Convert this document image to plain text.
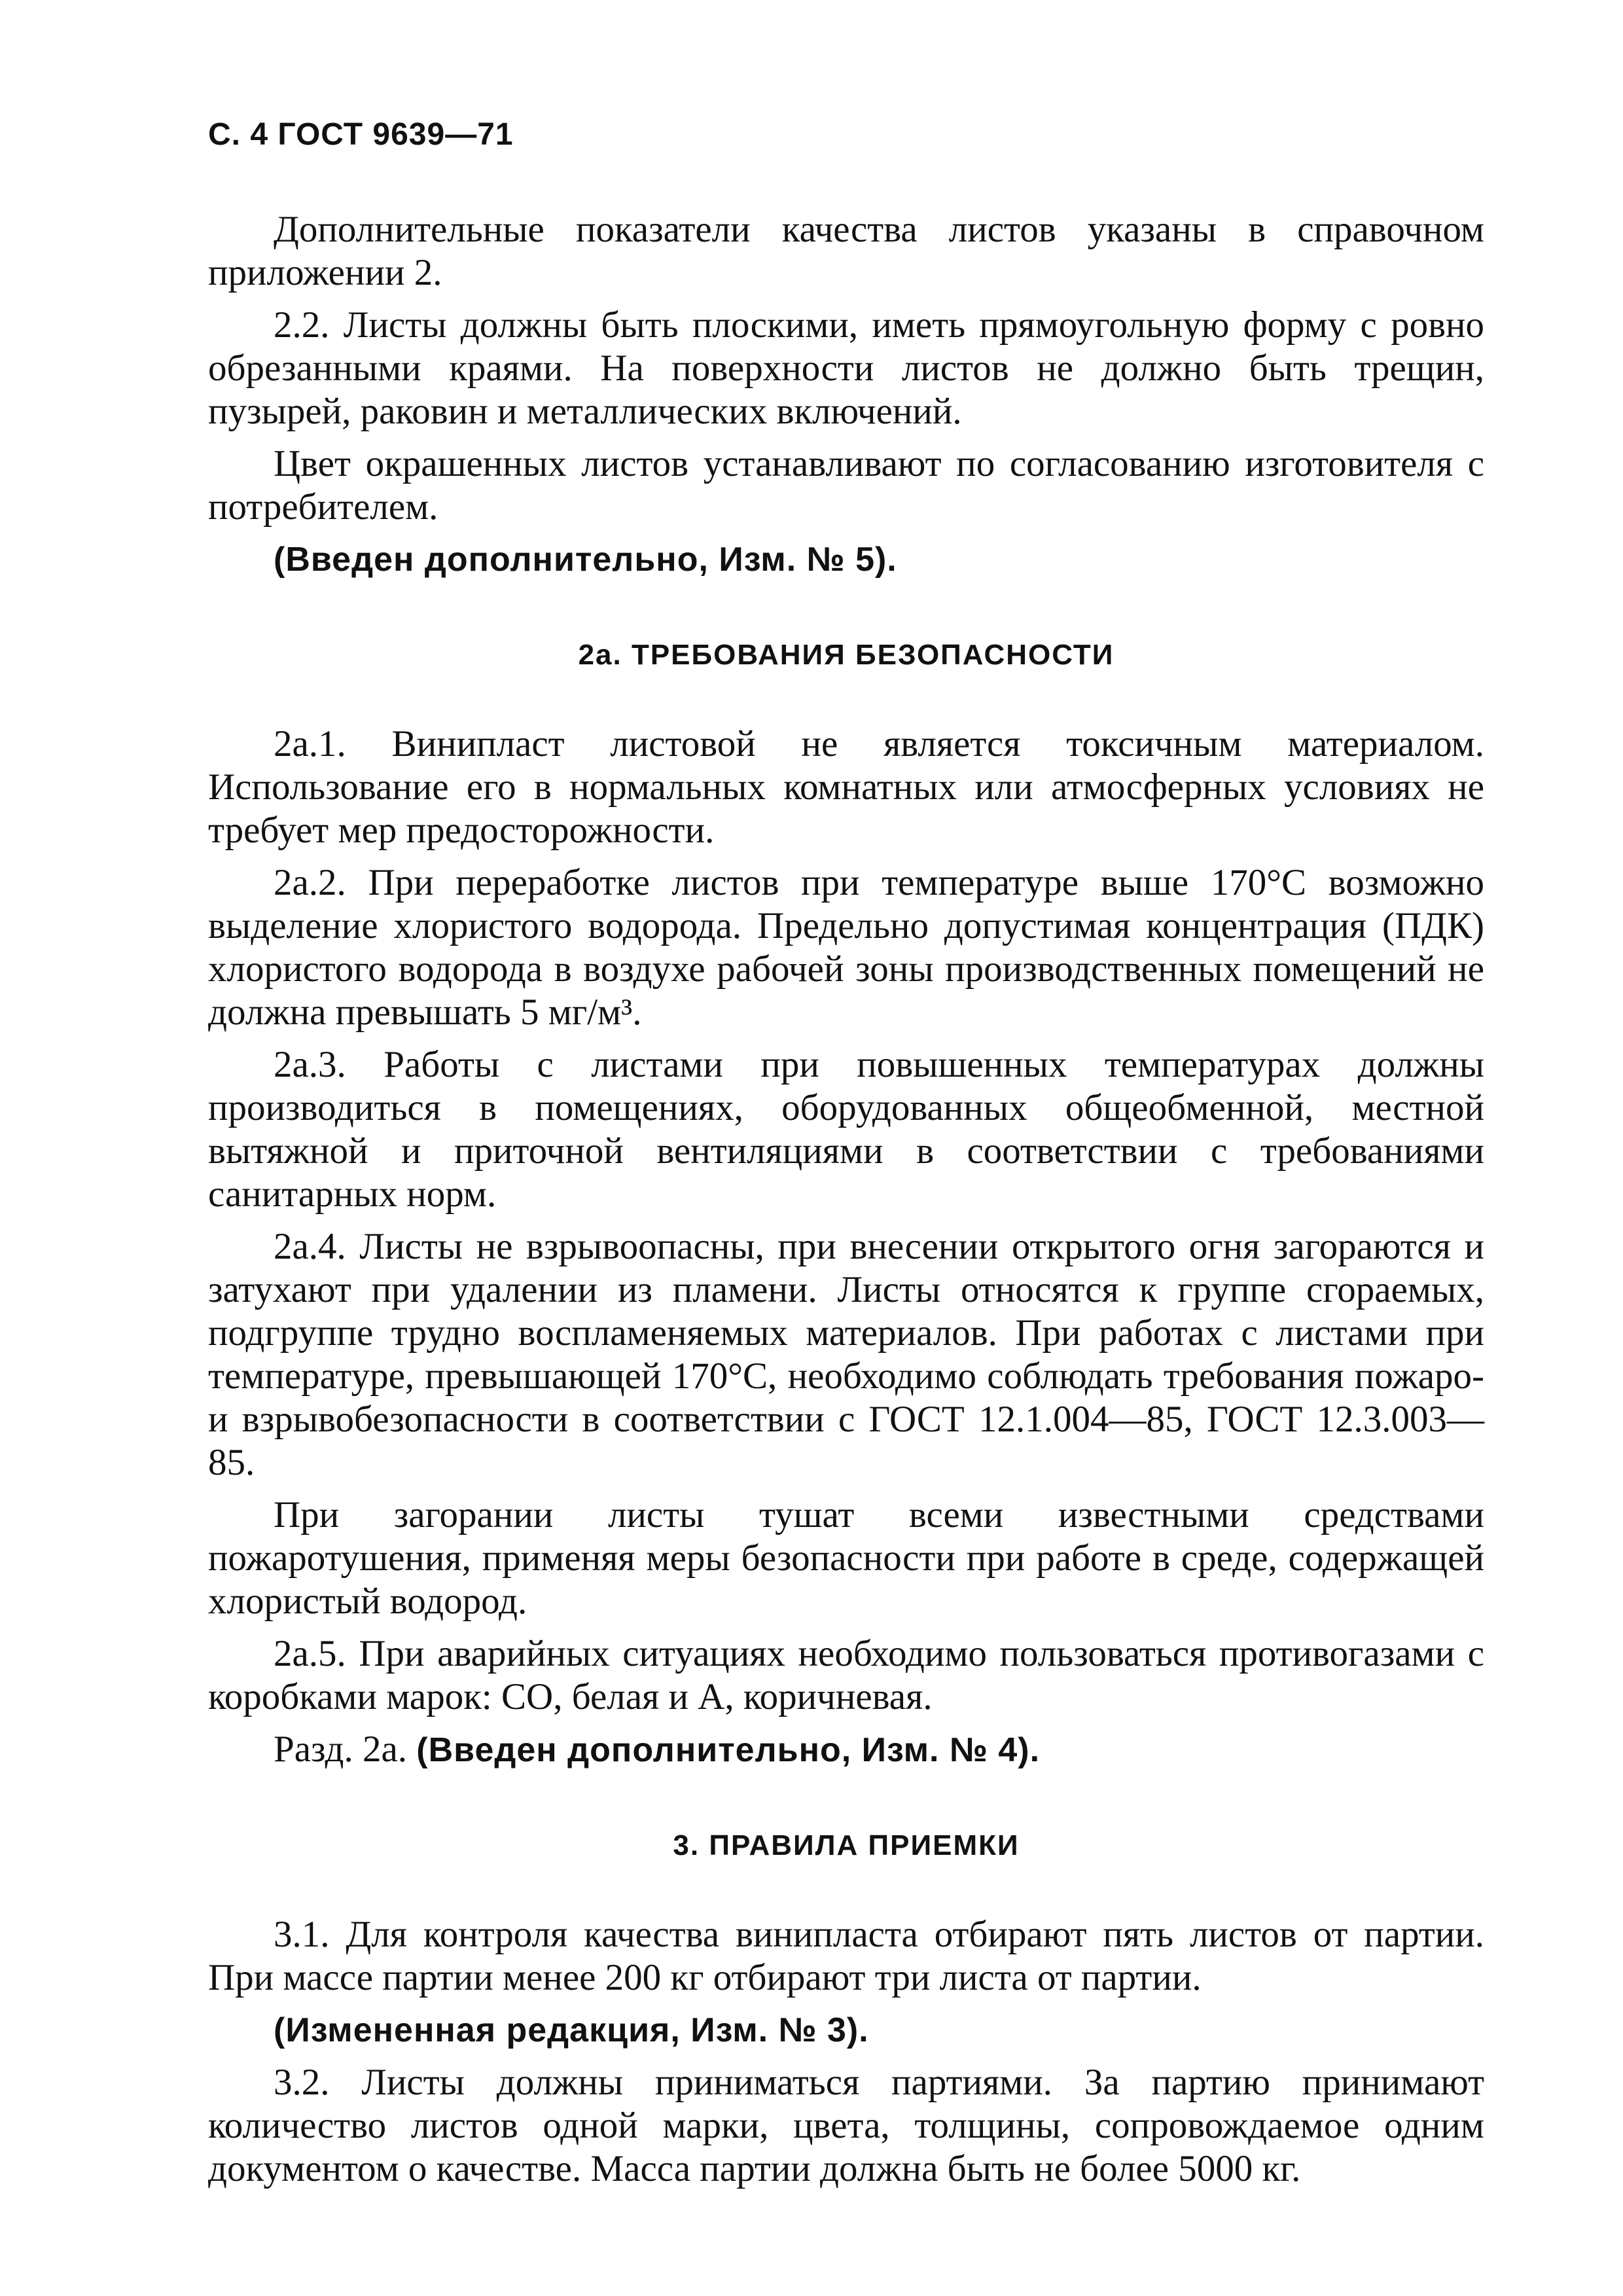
С. 4 ГОСТ 9639—71

Дополнительные показатели качества листов указаны в справочном приложении 2.

2.2. Листы должны быть плоскими, иметь прямоугольную форму с ровно обрезанными краями. На поверхности листов не должно быть трещин, пузырей, раковин и металлических включений.

Цвет окрашенных листов устанавливают по согласованию изготовителя с потребителем.

(Введен дополнительно, Изм. № 5).

2а. ТРЕБОВАНИЯ БЕЗОПАСНОСТИ

2а.1. Винипласт листовой не является токсичным материалом. Использование его в нормальных комнатных или атмосферных условиях не требует мер предосторожности.

2а.2. При переработке листов при температуре выше 170°С возможно выделение хлористого водорода. Предельно допустимая концентрация (ПДК) хлористого водорода в воздухе рабочей зоны производственных помещений не должна превышать 5 мг/м³.

2а.3. Работы с листами при повышенных температурах должны производиться в помещениях, оборудованных общеобменной, местной вытяжной и приточной вентиляциями в соответствии с требованиями санитарных норм.

2а.4. Листы не взрывоопасны, при внесении открытого огня загораются и затухают при удалении из пламени. Листы относятся к группе сгораемых, подгруппе трудно воспламеняемых материалов. При работах с листами при температуре, превышающей 170°С, необходимо соблюдать требования пожаро- и взрывобезопасности в соответствии с ГОСТ 12.1.004—85, ГОСТ 12.3.003—85.

При загорании листы тушат всеми известными средствами пожаротушения, применяя меры безопасности при работе в среде, содержащей хлористый водород.

2а.5. При аварийных ситуациях необходимо пользоваться противогазами с коробками марок: СО, белая и А, коричневая.

Разд. 2а. (Введен дополнительно, Изм. № 4).

3. ПРАВИЛА ПРИЕМКИ

3.1. Для контроля качества винипласта отбирают пять листов от партии. При массе партии менее 200 кг отбирают три листа от партии.

(Измененная редакция, Изм. № 3).

3.2. Листы должны приниматься партиями. За партию принимают количество листов одной марки, цвета, толщины, сопровождаемое одним документом о качестве. Масса партии должна быть не более 5000 кг.
